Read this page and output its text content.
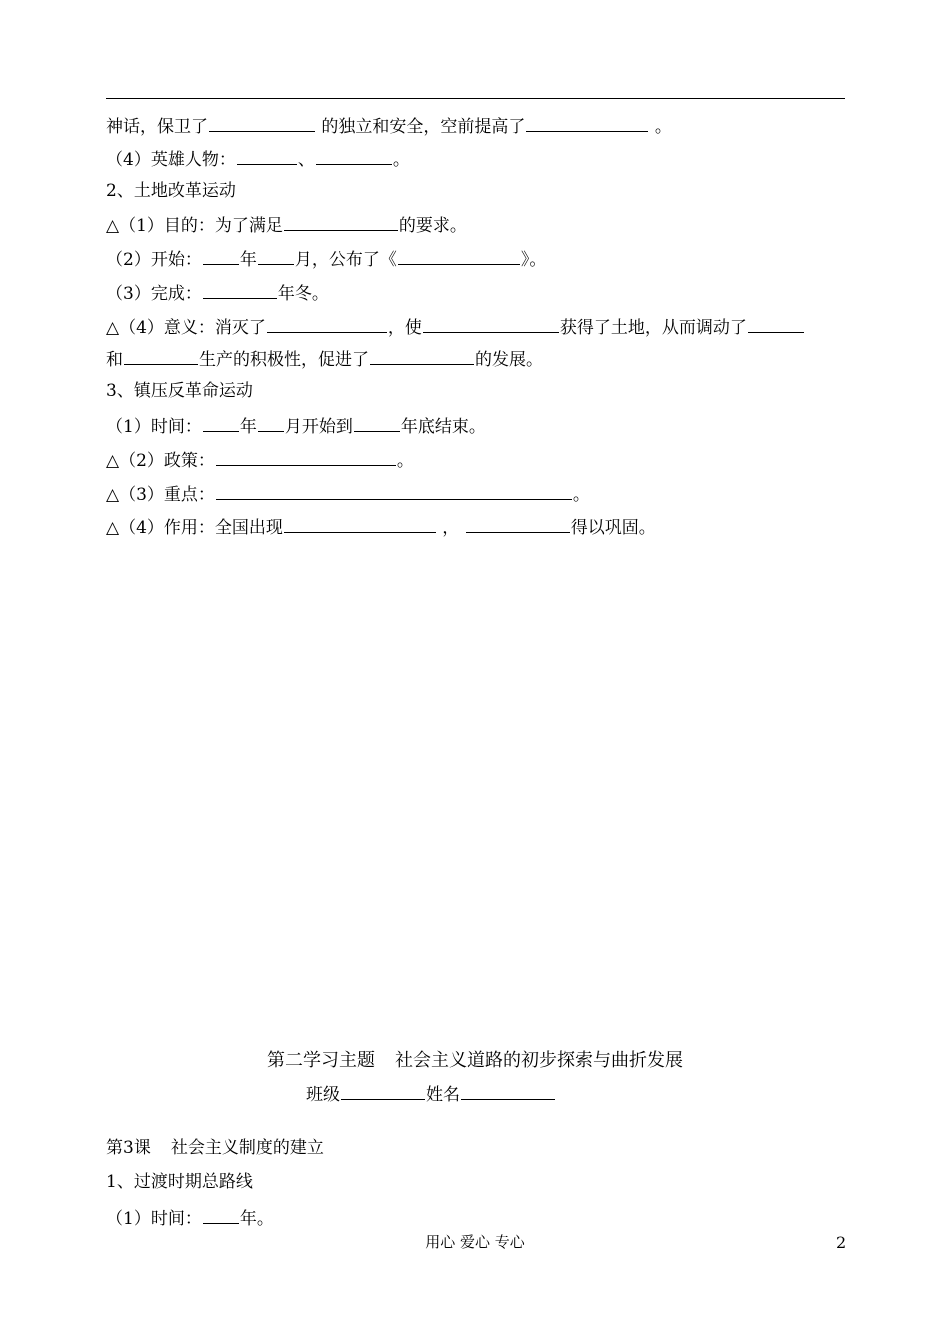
神话，保卫了	的独立和安全，空前提高了	。
（4）英雄人物：	、	。
2、土地改革运动
△（1）目的：为了满足	的要求。
（2）开始： 年 月，公布了《	》。
（3）完成：	年冬。
△（4）意义：消灭了	，使	获得了土地，从而调动了
和	生产的积极性，促进了	的发展。
3、镇压反革命运动
（1）时间： 年 月开始到	年底结束。
△（2）政策：	。
△（3）重点：	。
△（4）作用：全国出现	，	得以巩固。
第二学习主题 社会主义道路的初步探索与曲折发展
班级	姓名
第3课 社会主义制度的建立
1、过渡时期总路线
（1）时间： 年。
用心 爱心 专心	2
